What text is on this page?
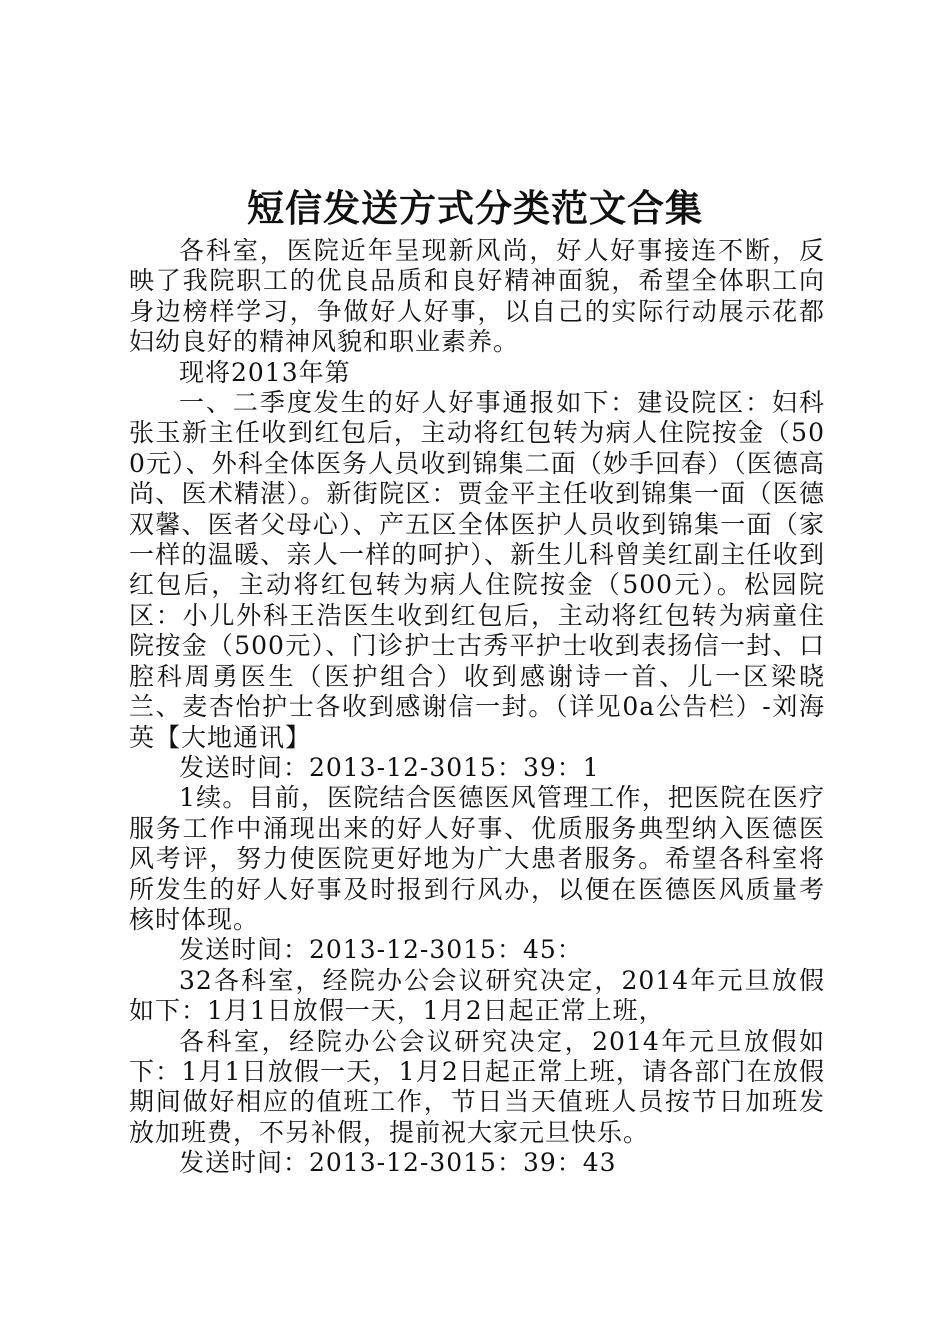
短信发送方式分类范文合集

各科室，医院近年呈现新风尚，好人好事接连不断，反映了我院职工的优良品质和良好精神面貌，希望全体职工向身边榜样学习，争做好人好事，以自己的实际行动展示花都妇幼良好的精神风貌和职业素养。

现将2013年第

一、二季度发生的好人好事通报如下：建设院区：妇科张玉新主任收到红包后，主动将红包转为病人住院按金（500元）、外科全体医务人员收到锦集二面（妙手回春）（医德高尚、医术精湛）。新街院区：贾金平主任收到锦集一面（医德双馨、医者父母心）、产五区全体医护人员收到锦集一面（家一样的温暖、亲人一样的呵护）、新生儿科曾美红副主任收到红包后，主动将红包转为病人住院按金（500元）。松园院区：小儿外科王浩医生收到红包后，主动将红包转为病童住院按金（500元）、门诊护士古秀平护士收到表扬信一封、口腔科周勇医生（医护组合）收到感谢诗一首、儿一区梁晓兰、麦杏怡护士各收到感谢信一封。（详见0a公告栏）-刘海英【大地通讯】

发送时间：2013-12-3015：39：1

1续。目前，医院结合医德医风管理工作，把医院在医疗服务工作中涌现出来的好人好事、优质服务典型纳入医德医风考评，努力使医院更好地为广大患者服务。希望各科室将所发生的好人好事及时报到行风办，以便在医德医风质量考核时体现。

发送时间：2013-12-3015：45：

32各科室，经院办公会议研究决定，2014年元旦放假如下：1月1日放假一天，1月2日起正常上班，

各科室，经院办公会议研究决定，2014年元旦放假如下：1月1日放假一天，1月2日起正常上班，请各部门在放假期间做好相应的值班工作，节日当天值班人员按节日加班发放加班费，不另补假，提前祝大家元旦快乐。

发送时间：2013-12-3015：39：43
